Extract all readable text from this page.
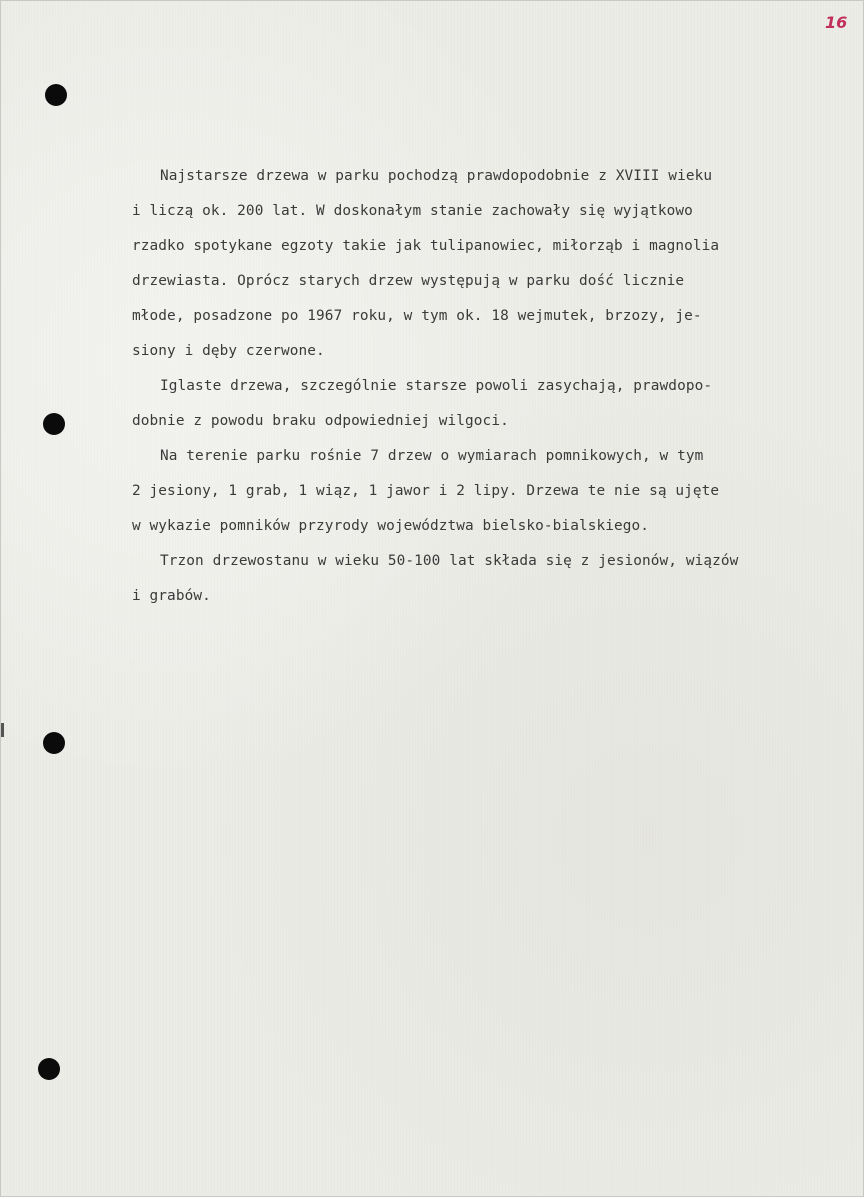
16
Najstarsze drzewa w parku pochodzą prawdopodobnie z XVIII wieku
i liczą ok. 200 lat. W doskonałym stanie zachowały się wyjątkowo
rzadko spotykane egzoty takie jak tulipanowiec, miłorząb i magnolia
drzewiasta. Oprócz starych drzew występują w parku dość licznie
młode, posadzone po 1967 roku, w tym ok. 18 wejmutek, brzozy, je-
siony i dęby czerwone.
Iglaste drzewa, szczególnie starsze powoli zasychają, prawdopo-
dobnie z powodu braku odpowiedniej wilgoci.
Na terenie parku rośnie 7 drzew o wymiarach pomnikowych, w tym
2 jesiony, 1 grab, 1 wiąz, 1 jawor i 2 lipy. Drzewa te nie są ujęte
w wykazie pomników przyrody województwa bielsko-bialskiego.
Trzon drzewostanu w wieku 50-100 lat składa się z jesionów, wiązów
i grabów.
